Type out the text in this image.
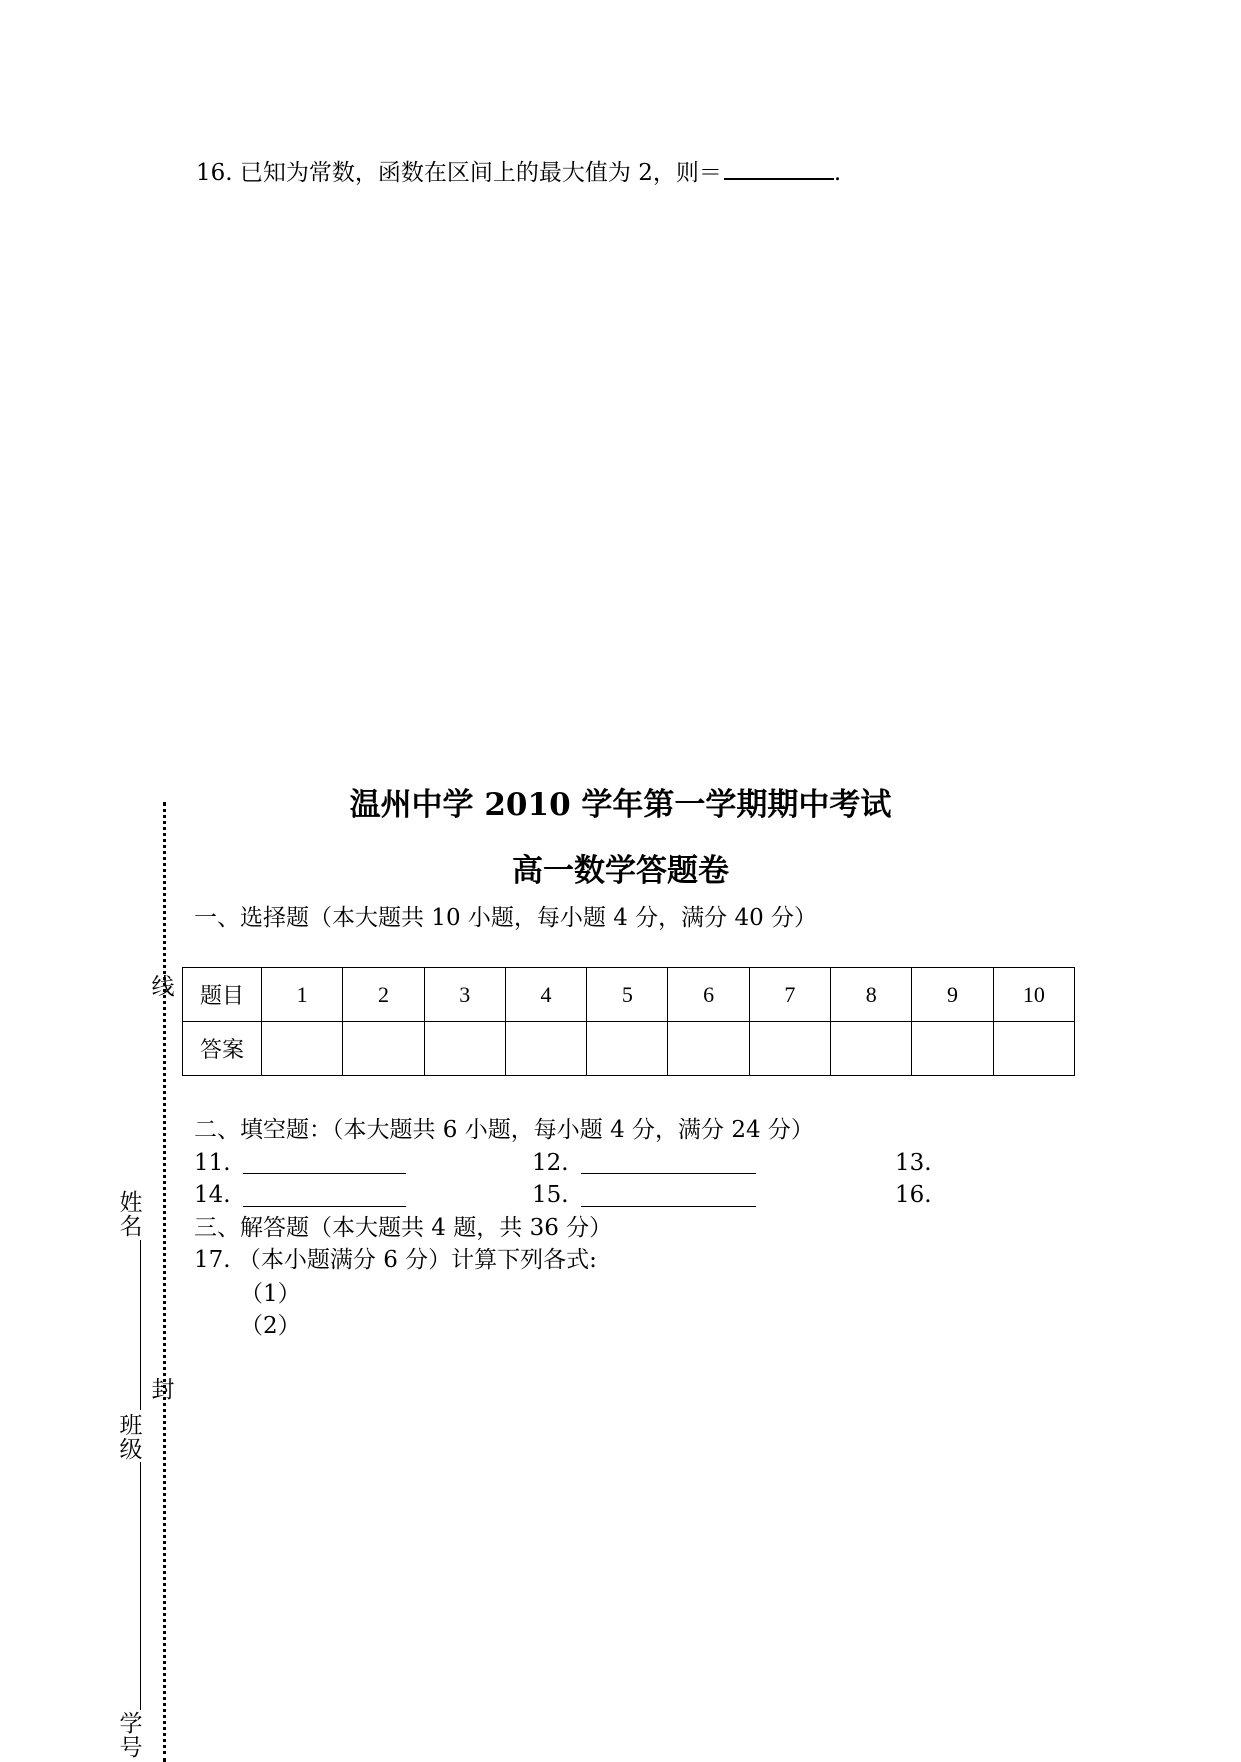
16. 已知为常数，函数在区间上的最大值为 2，则＝	.
线
封
姓名
班级
学号
温州中学 2010 学年第一学期期中考试
高一数学答题卷
一、选择题（本大题共 10 小题，每小题 4 分，满分 40 分）
题目	1	2	3	4	5	6	7	8	9	10
答案										
二、填空题：（本大题共 6 小题，每小题 4 分，满分 24 分）
11.	12.	13.
14.	15.	16.
三、解答题（本大题共 4 题，共 36 分）
17. （本小题满分 6 分）计算下列各式:
（1）
（2）
